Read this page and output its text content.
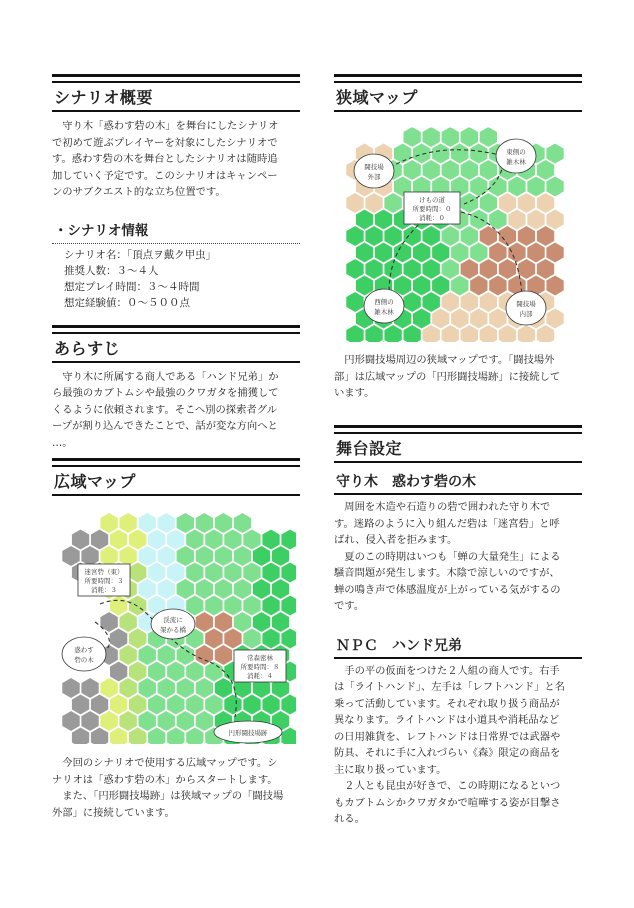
シナリオ概要
守り木「惑わす砦の木」を舞台にしたシナリオ
で初めて遊ぶプレイヤーを対象にしたシナリオで
す。惑わす砦の木を舞台としたシナリオは随時追
加していく予定です。このシナリオはキャンペー
ンのサブクエスト的な立ち位置です。
・シナリオ情報
シナリオ名：「頂点ヲ戴ク甲虫」
推奨人数：３～４人
想定プレイ時間：３～４時間
想定経験値：０～５００点
あらすじ
守り木に所属する商人である「ハンド兄弟」か
ら最強のカブトムシや最強のクワガタを捕獲して
くるように依頼されます。そこへ別の探索者グル
ープが割り込んできたことで、話が変な方向へと
…。
広域マップ
迷宮砦（東）
所要時間：３
消耗：３
惑わす
砦の木
渓流に
架かる橋
常森密林
所要時間：８
消耗：４
円形闘技場跡
今回のシナリオで使用する広域マップです。シ
ナリオは「惑わす砦の木」からスタートします。
また、「円形闘技場跡」は狭域マップの「闘技場
外部」に接続しています。
狭域マップ
闘技場
外部
東側の
雑木林
けもの道
所要時間：０
消耗：０
西側の
雑木林
闘技場
内部
円形闘技場周辺の狭域マップです。「闘技場外
部」は広域マップの「円形闘技場跡」に接続して
います。
舞台設定
守り木　惑わす砦の木
周囲を木造や石造りの砦で囲われた守り木で
す。迷路のように入り組んだ砦は「迷宮砦」と呼
ばれ、侵入者を拒みます。
夏のこの時期はいつも「蝉の大量発生」による
騒音問題が発生します。木陰で涼しいのですが、
蝉の鳴き声で体感温度が上がっている気がするの
です。
ＮＰＣ　ハンド兄弟
手の平の仮面をつけた２人組の商人です。右手
は「ライトハンド」、左手は「レフトハンド」と名
乗って活動しています。それぞれ取り扱う商品が
異なります。ライトハンドは小道具や消耗品など
の日用雑貨を、レフトハンドは日常界では武器や
防具、それに手に入れづらい《森》限定の商品を
主に取り扱っています。
２人とも昆虫が好きで、この時期になるといつ
もカブトムシかクワガタかで喧嘩する姿が目撃さ
れる。
